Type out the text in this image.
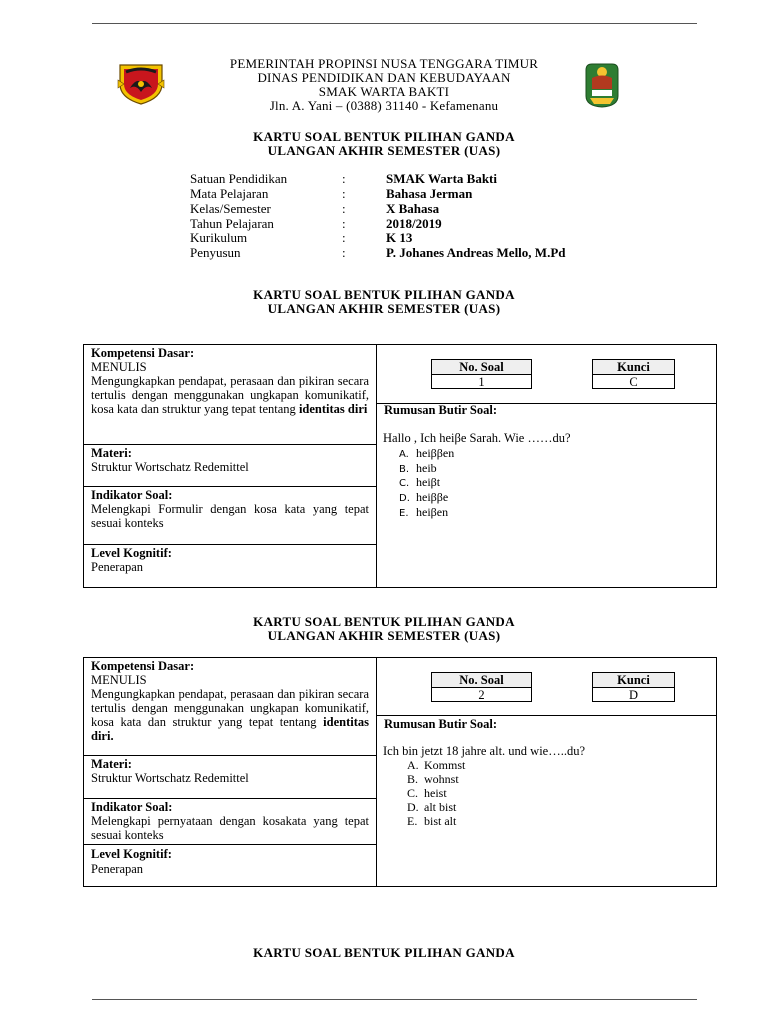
PEMERINTAH PROPINSI NUSA TENGGARA TIMUR
DINAS PENDIDIKAN DAN KEBUDAYAAN
SMAK WARTA BAKTI
Jln. A. Yani – (0388) 31140 - Kefamenanu
KARTU SOAL BENTUK PILIHAN GANDA
ULANGAN AKHIR SEMESTER (UAS)
Satuan Pendidikan	:	SMAK Warta Bakti
Mata Pelajaran	:	Bahasa Jerman
Kelas/Semester	:	X Bahasa
Tahun Pelajaran	:	2018/2019
Kurikulum	:	K 13
Penyusun	:	P. Johanes Andreas Mello, M.Pd
KARTU SOAL BENTUK PILIHAN GANDA
ULANGAN AKHIR SEMESTER (UAS)
Kompetensi Dasar:
MENULIS
Mengungkapkan pendapat, perasaan dan pikiran secara tertulis dengan menggunakan ungkapan komunikatif, kosa kata dan struktur yang tepat tentang identitas diri
Materi:
Struktur Wortschatz Redemittel
Indikator Soal:
Melengkapi Formulir dengan kosa kata yang tepat sesuai konteks
Level Kognitif:
Penerapan
No. Soal
1
Kunci
C
Rumusan Butir Soal:
Hallo , Ich heiβe Sarah. Wie ……du?
A. heiββen
B. heib
C. heiβt
D. heiββe
E. heiβen
KARTU SOAL BENTUK PILIHAN GANDA
ULANGAN AKHIR SEMESTER (UAS)
Kompetensi Dasar:
MENULIS
Mengungkapkan pendapat, perasaan dan pikiran secara tertulis dengan menggunakan ungkapan komunikatif, kosa kata dan struktur yang tepat tentang identitas diri.
Materi:
Struktur Wortschatz Redemittel
Indikator Soal:
Melengkapi pernyataan dengan kosakata yang tepat sesuai konteks
Level Kognitif:
Penerapan
No. Soal
2
Kunci
D
Rumusan Butir Soal:
Ich bin jetzt 18 jahre alt. und wie…..du?
A. Kommst
B. wohnst
C. heist
D. alt bist
E. bist alt
KARTU SOAL BENTUK PILIHAN GANDA
